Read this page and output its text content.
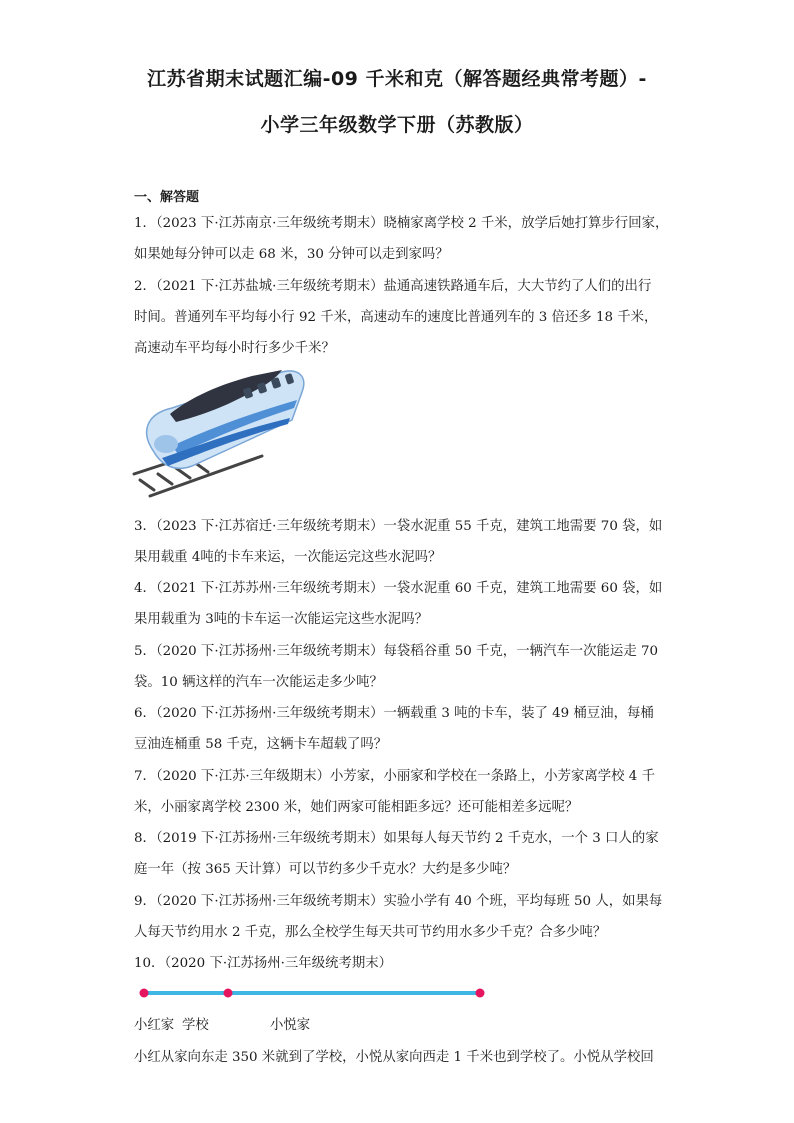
江苏省期末试题汇编-09 千米和克（解答题经典常考题）-
小学三年级数学下册（苏教版）
一、解答题
1．（2023 下·江苏南京·三年级统考期末）晓楠家离学校 2 千米，放学后她打算步行回家，
如果她每分钟可以走 68 米，30 分钟可以走到家吗？
2．（2021 下·江苏盐城·三年级统考期末）盐通高速铁路通车后，大大节约了人们的出行
时间。普通列车平均每小行 92 千米，高速动车的速度比普通列车的 3 倍还多 18 千米，
高速动车平均每小时行多少千米？
3．（2023 下·江苏宿迁·三年级统考期末）一袋水泥重 55 千克，建筑工地需要 70 袋，如
果用载重 4吨的卡车来运，一次能运完这些水泥吗？
4．（2021 下·江苏苏州·三年级统考期末）一袋水泥重 60 千克，建筑工地需要 60 袋，如
果用载重为 3吨的卡车运一次能运完这些水泥吗？
5．（2020 下·江苏扬州·三年级统考期末）每袋稻谷重 50 千克，一辆汽车一次能运走 70
袋。10 辆这样的汽车一次能运走多少吨？
6．（2020 下·江苏扬州·三年级统考期末）一辆载重 3 吨的卡车，装了 49 桶豆油，每桶
豆油连桶重 58 千克，这辆卡车超载了吗？
7．（2020 下·江苏·三年级期末）小芳家，小丽家和学校在一条路上，小芳家离学校 4 千
米，小丽家离学校 2300 米，她们两家可能相距多远？还可能相差多远呢？
8．（2019 下·江苏扬州·三年级统考期末）如果每人每天节约 2 千克水，一个 3 口人的家
庭一年（按 365 天计算）可以节约多少千克水？大约是多少吨？
9．（2020 下·江苏扬州·三年级统考期末）实验小学有 40 个班，平均每班 50 人，如果每
人每天节约用水 2 千克，那么全校学生每天共可节约用水多少千克？合多少吨？
10．（2020 下·江苏扬州·三年级统考期末）
小红家 学校	小悦家
小红从家向东走 350 米就到了学校，小悦从家向西走 1 千米也到学校了。小悦从学校回
